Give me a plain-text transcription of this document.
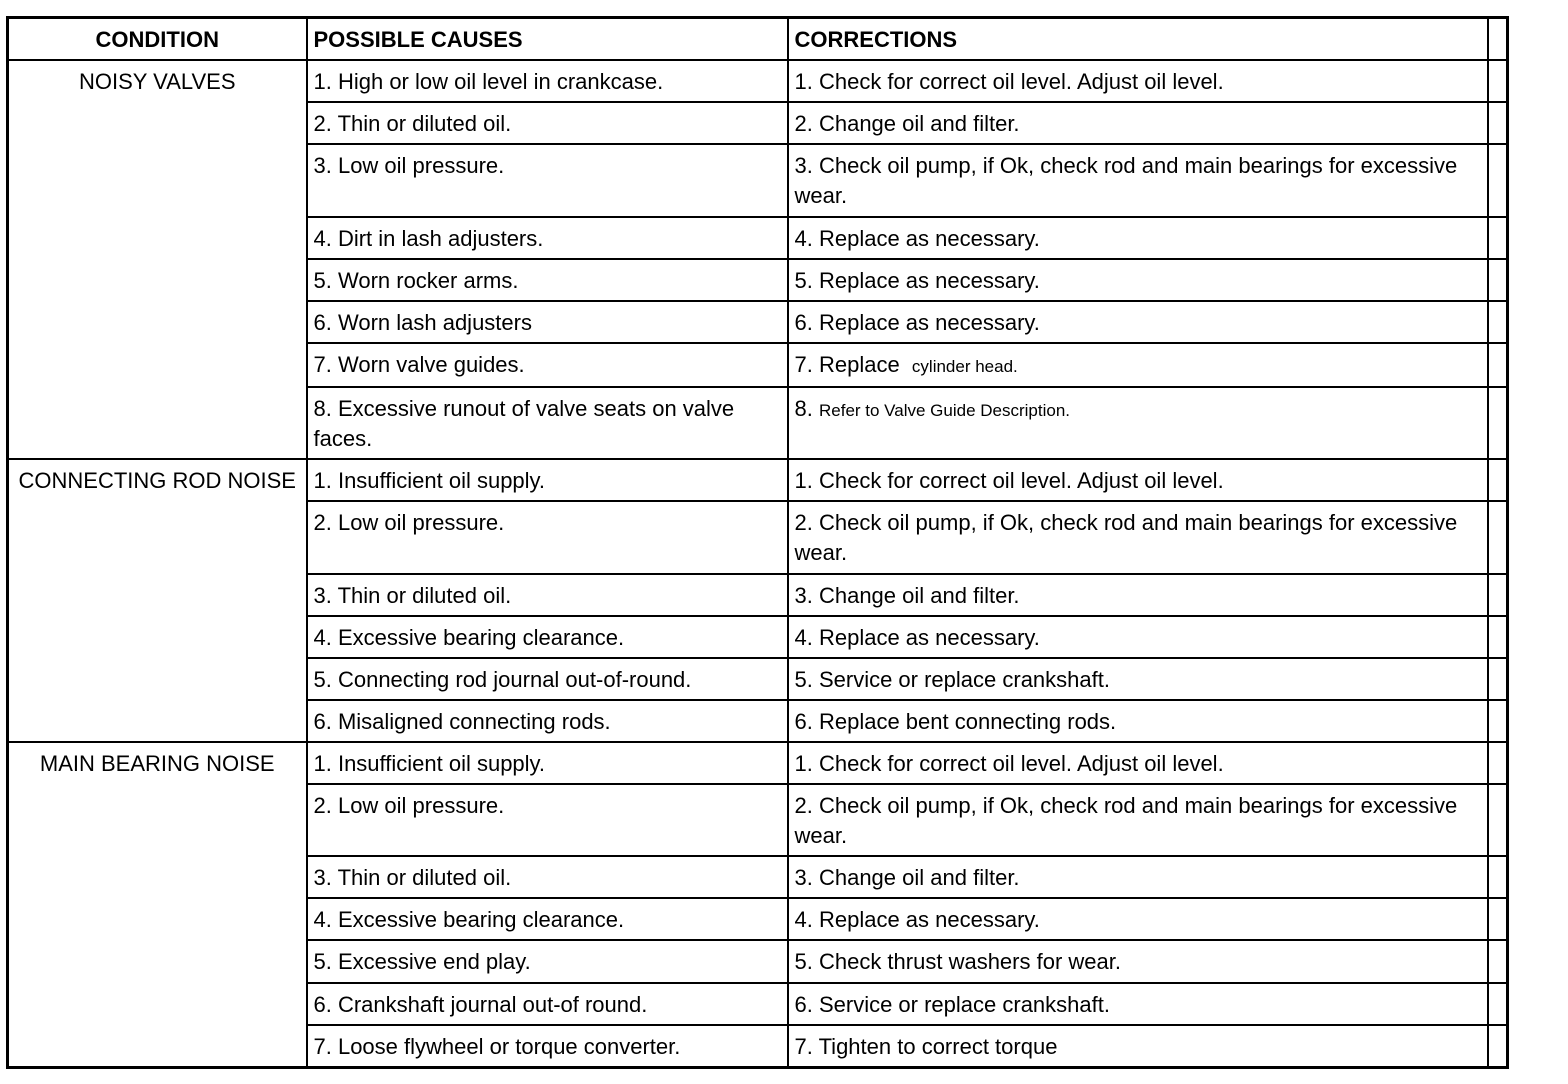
CONDITION	POSSIBLE CAUSES	CORRECTIONS	
NOISY VALVES	1. High or low oil level in crankcase.	1. Check for correct oil level. Adjust oil level.	
	2. Thin or diluted oil.	2. Change oil and filter.	
	3. Low oil pressure.	3. Check oil pump, if Ok, check rod and main bearings for excessive wear.	
	4. Dirt in lash adjusters.	4. Replace as necessary.	
	5. Worn rocker arms.	5. Replace as necessary.	
	6. Worn lash adjusters	6. Replace as necessary.	
	7. Worn valve guides.	7. Replace cylinder head.	
	8. Excessive runout of valve seats on valve faces.	8. Refer to Valve Guide Description.	
CONNECTING ROD NOISE	1. Insufficient oil supply.	1. Check for correct oil level. Adjust oil level.	
	2. Low oil pressure.	2. Check oil pump, if Ok, check rod and main bearings for excessive wear.	
	3. Thin or diluted oil.	3. Change oil and filter.	
	4. Excessive bearing clearance.	4. Replace as necessary.	
	5. Connecting rod journal out-of-round.	5. Service or replace crankshaft.	
	6. Misaligned connecting rods.	6. Replace bent connecting rods.	
MAIN BEARING NOISE	1. Insufficient oil supply.	1. Check for correct oil level. Adjust oil level.	
	2. Low oil pressure.	2. Check oil pump, if Ok, check rod and main bearings for excessive wear.	
	3. Thin or diluted oil.	3. Change oil and filter.	
	4. Excessive bearing clearance.	4. Replace as necessary.	
	5. Excessive end play.	5. Check thrust washers for wear.	
	6. Crankshaft journal out-of round.	6. Service or replace crankshaft.	
	7. Loose flywheel or torque converter.	7. Tighten to correct torque	
